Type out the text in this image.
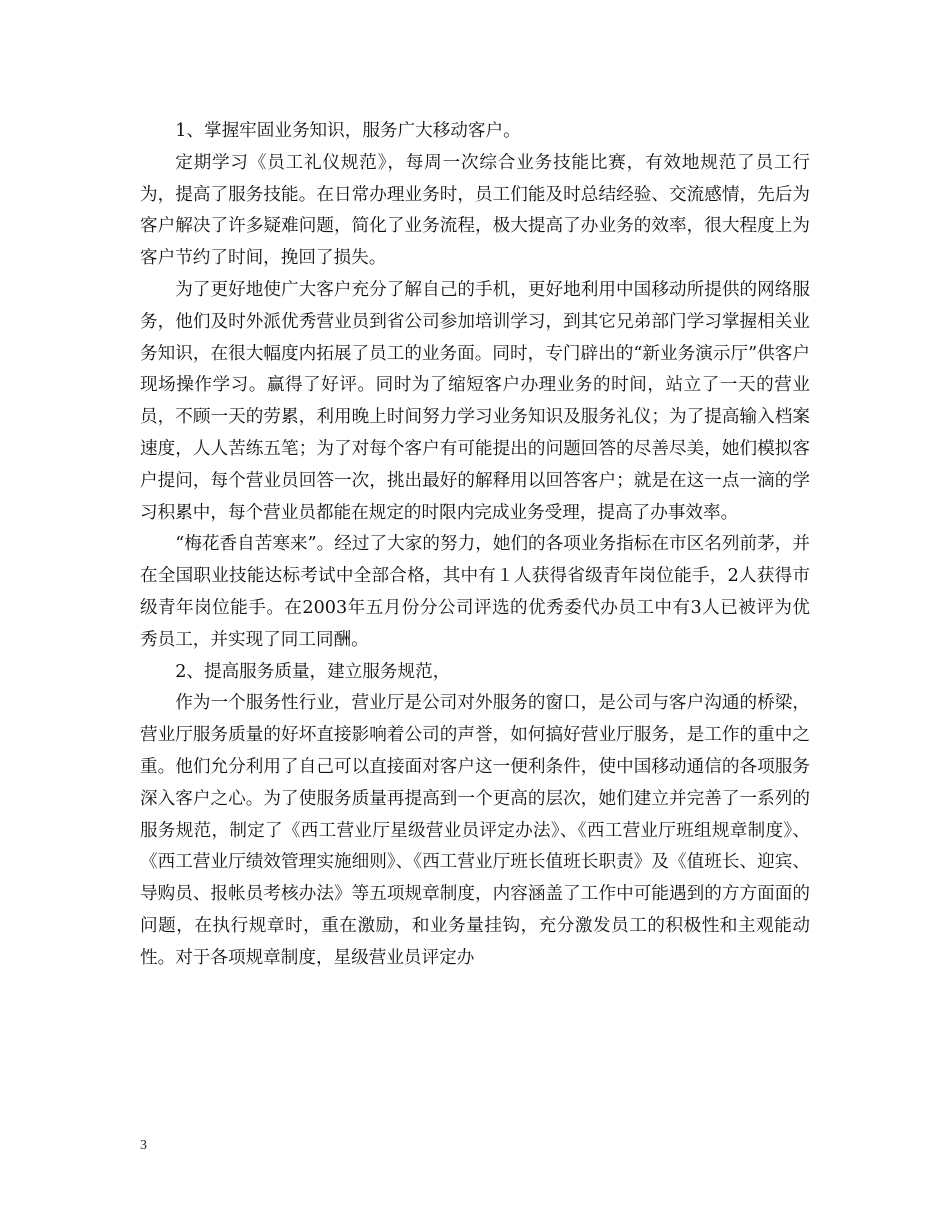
1、掌握牢固业务知识，服务广大移动客户。

定期学习《员工礼仪规范》，每周一次综合业务技能比赛，有效地规范了员工行为，提高了服务技能。在日常办理业务时，员工们能及时总结经验、交流感情，先后为客户解决了许多疑难问题，简化了业务流程，极大提高了办业务的效率，很大程度上为客户节约了时间，挽回了损失。

为了更好地使广大客户充分了解自己的手机，更好地利用中国移动所提供的网络服务，他们及时外派优秀营业员到省公司参加培训学习，到其它兄弟部门学习掌握相关业务知识，在很大幅度内拓展了员工的业务面。同时，专门辟出的“新业务演示厅”供客户现场操作学习。赢得了好评。同时为了缩短客户办理业务的时间，站立了一天的营业员，不顾一天的劳累，利用晚上时间努力学习业务知识及服务礼仪；为了提高输入档案速度，人人苦练五笔；为了对每个客户有可能提出的问题回答的尽善尽美，她们模拟客户提问，每个营业员回答一次，挑出最好的解释用以回答客户；就是在这一点一滴的学习积累中，每个营业员都能在规定的时限内完成业务受理，提高了办事效率。

“梅花香自苦寒来”。经过了大家的努力，她们的各项业务指标在市区名列前茅，并在全国职业技能达标考试中全部合格，其中有１人获得省级青年岗位能手，2人获得市级青年岗位能手。在2003年五月份分公司评选的优秀委代办员工中有3人已被评为优秀员工，并实现了同工同酬。

2、提高服务质量，建立服务规范，

作为一个服务性行业，营业厅是公司对外服务的窗口，是公司与客户沟通的桥梁，营业厅服务质量的好坏直接影响着公司的声誉，如何搞好营业厅服务，是工作的重中之重。他们允分利用了自己可以直接面对客户这一便利条件，使中国移动通信的各项服务深入客户之心。为了使服务质量再提高到一个更高的层次，她们建立并完善了一系列的服务规范，制定了《西工营业厅星级营业员评定办法》、《西工营业厅班组规章制度》、《西工营业厅绩效管理实施细则》、《西工营业厅班长值班长职责》及《值班长、迎宾、导购员、报帐员考核办法》等五项规章制度，内容涵盖了工作中可能遇到的方方面面的问题，在执行规章时，重在激励，和业务量挂钩，充分激发员工的积极性和主观能动性。对于各项规章制度，星级营业员评定办

3
